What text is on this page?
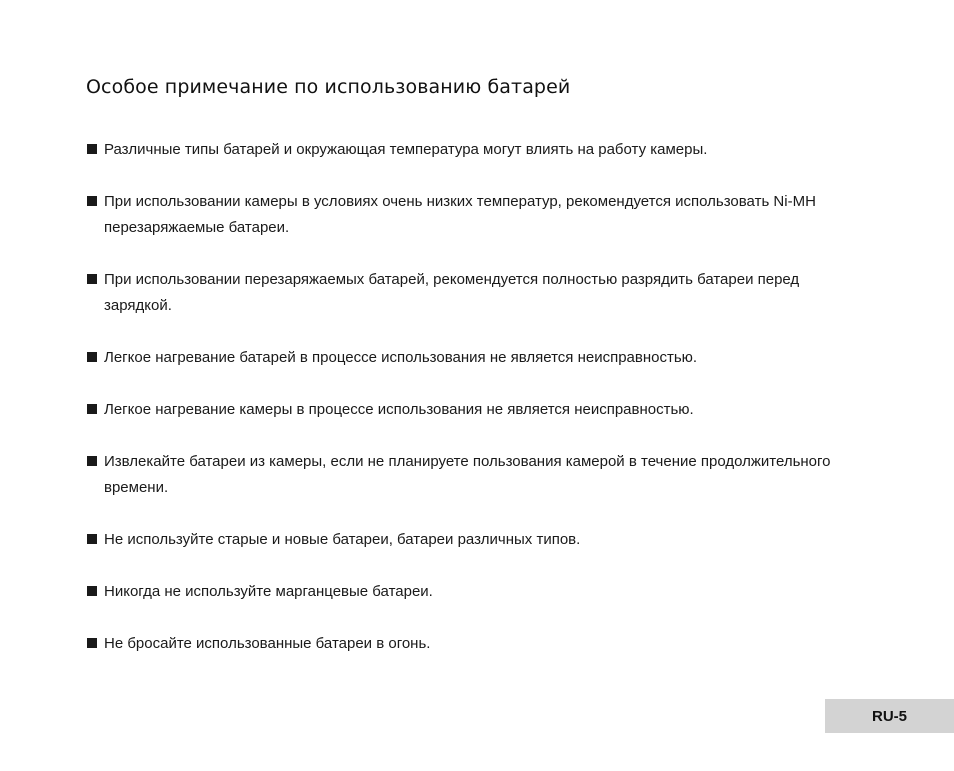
Особое примечание по использованию батарей
Различные типы батарей и окружающая температура могут влиять на работу камеры.
При использовании камеры в условиях очень низких температур, рекомендуется использовать Ni-MH перезаряжаемые батареи.
При использовании перезаряжаемых батарей, рекомендуется полностью разрядить батареи перед зарядкой.
Легкое нагревание батарей в процессе использования не является неисправностью.
Легкое нагревание камеры в процессе использования не является неисправностью.
Извлекайте батареи из камеры, если не планируете пользования камерой в течение продолжительного времени.
Не используйте старые и новые батареи, батареи различных типов.
Никогда не используйте марганцевые батареи.
Не бросайте использованные батареи в огонь.
RU-5
